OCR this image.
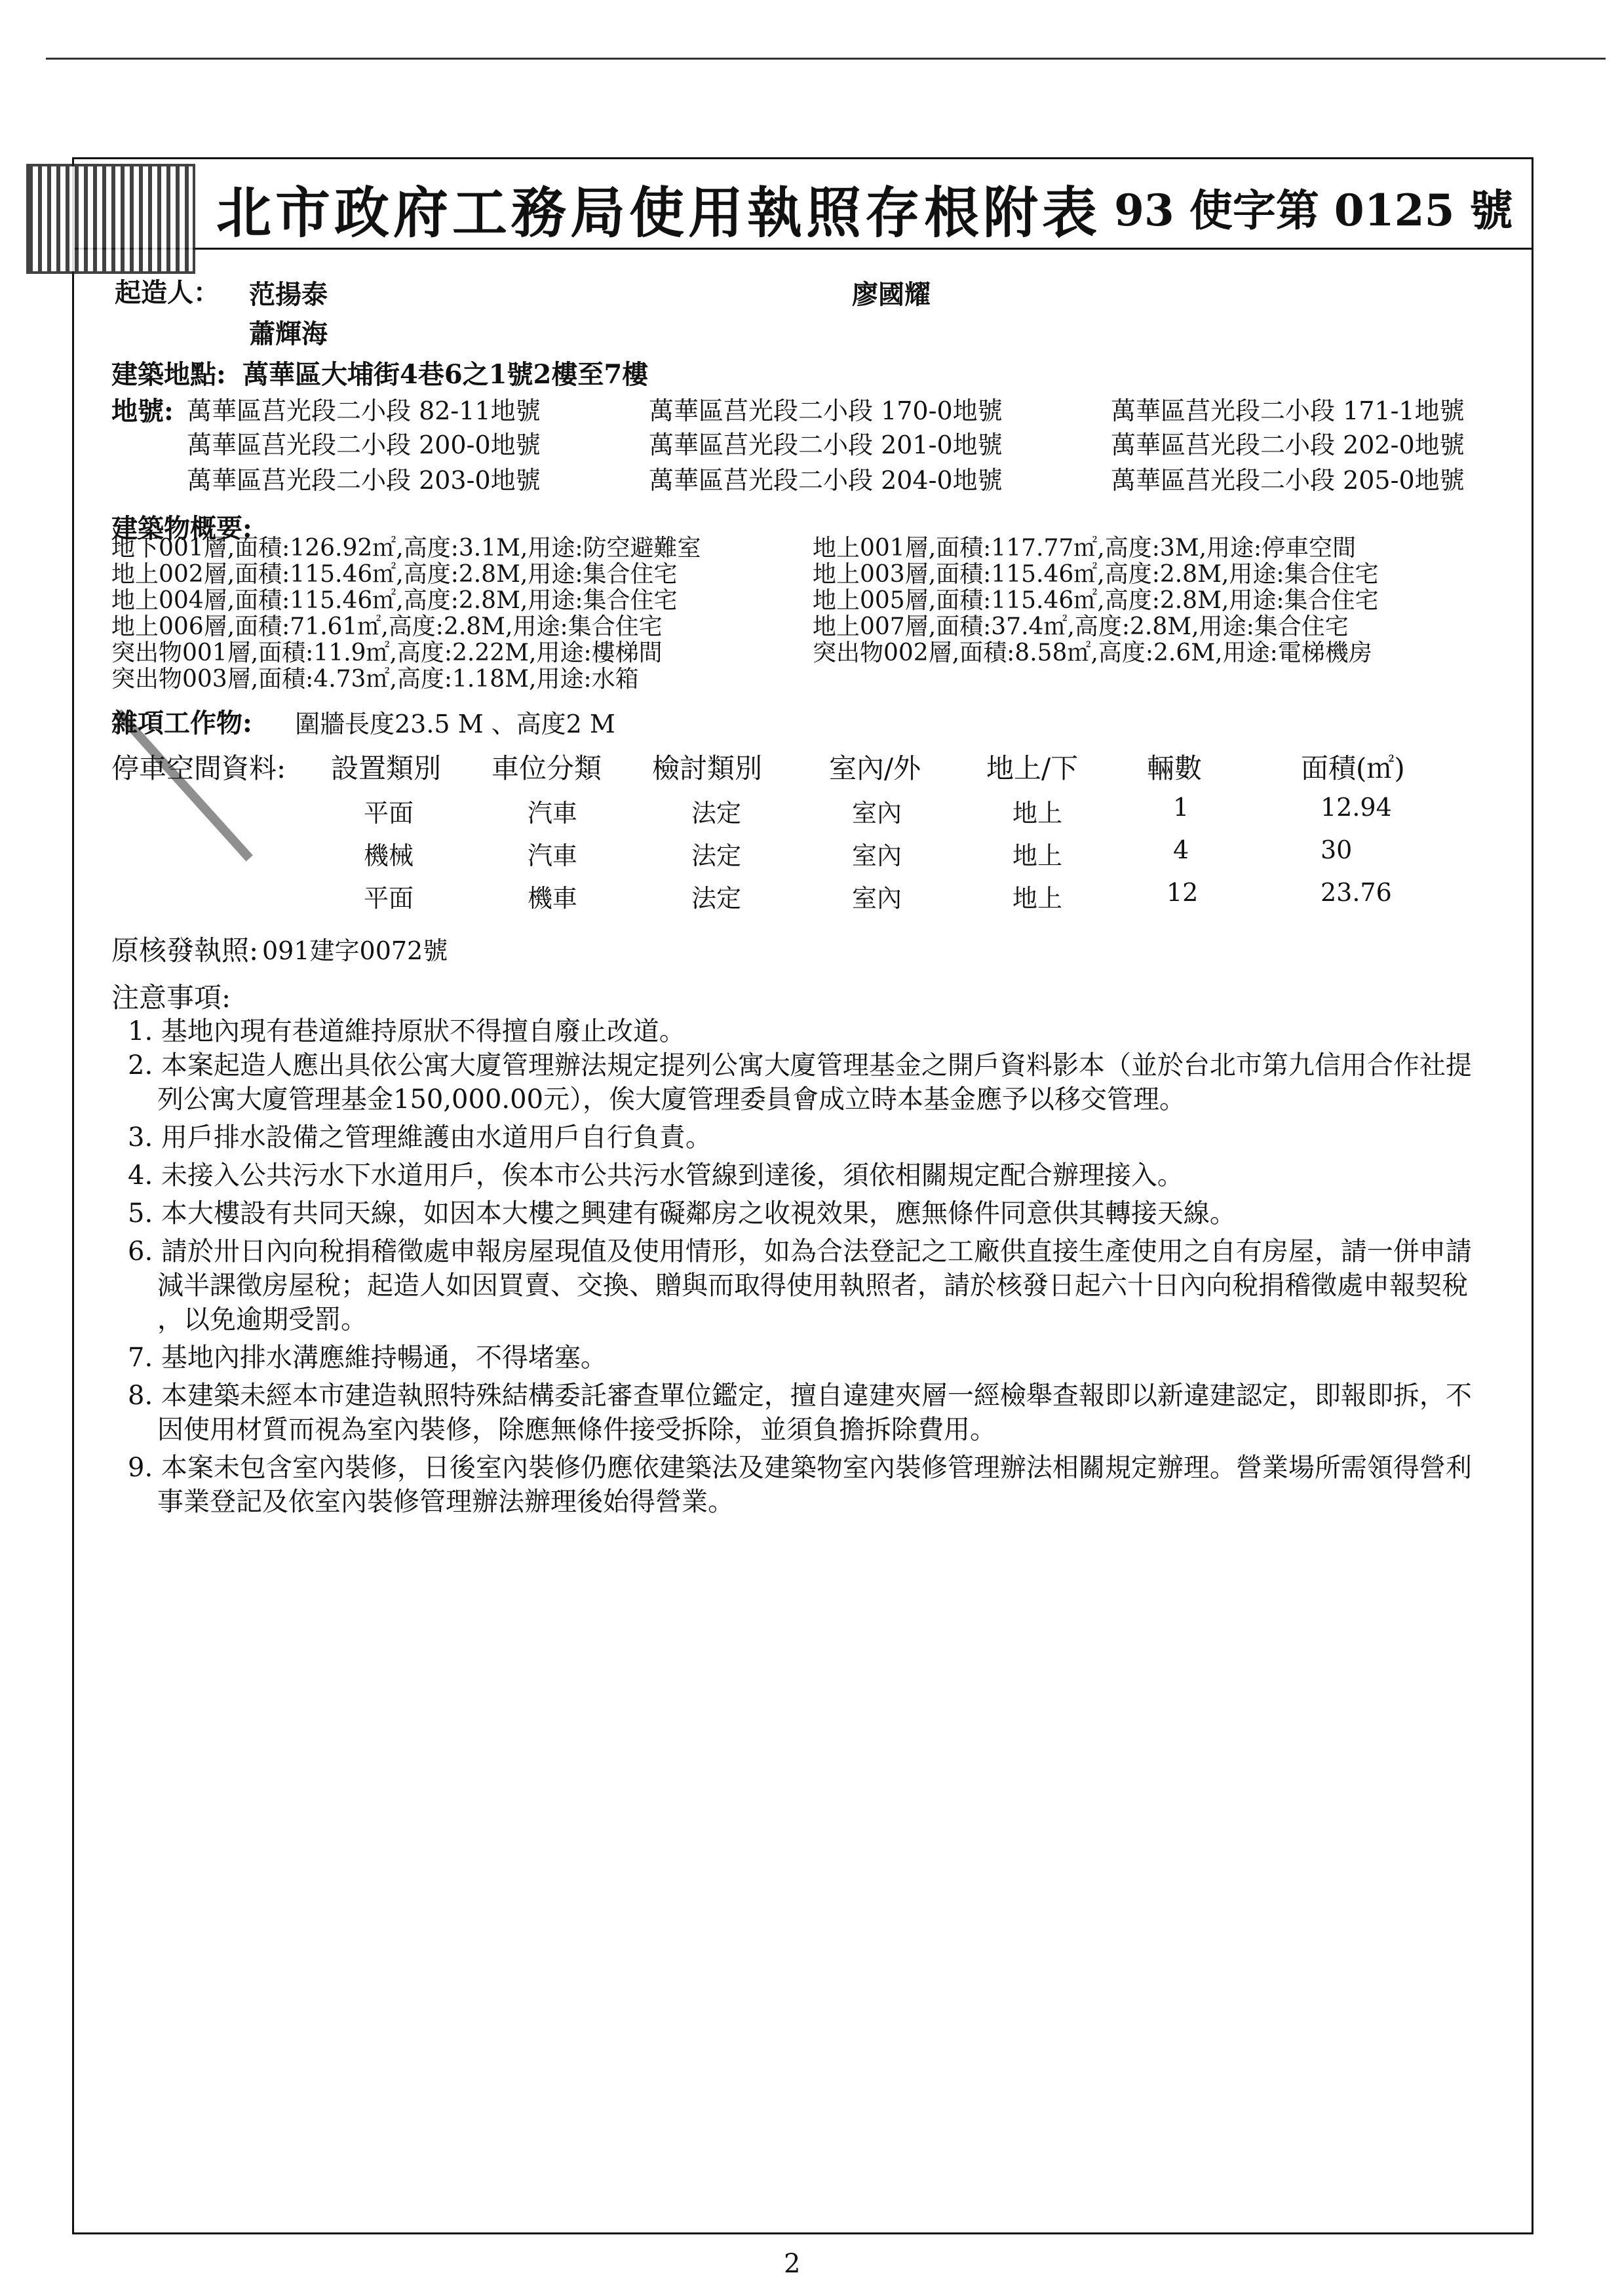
北市政府工務局使用執照存根附表 93 使字第 0125 號
起造人： 范揚泰	廖國耀
蕭輝海
建築地點: 萬華區大埔街4巷6之1號2樓至7樓
地號: 萬華區莒光段二小段 82-11地號	萬華區莒光段二小段 170-0地號	萬華區莒光段二小段 171-1地號
萬華區莒光段二小段 200-0地號	萬華區莒光段二小段 201-0地號	萬華區莒光段二小段 202-0地號
萬華區莒光段二小段 203-0地號	萬華區莒光段二小段 204-0地號	萬華區莒光段二小段 205-0地號
建築物概要:
地下001層,面積:126.92㎡,高度:3.1M,用途:防空避難室	地上001層,面積:117.77㎡,高度:3M,用途:停車空間
地上002層,面積:115.46㎡,高度:2.8M,用途:集合住宅	地上003層,面積:115.46㎡,高度:2.8M,用途:集合住宅
地上004層,面積:115.46㎡,高度:2.8M,用途:集合住宅	地上005層,面積:115.46㎡,高度:2.8M,用途:集合住宅
地上006層,面積:71.61㎡,高度:2.8M,用途:集合住宅	地上007層,面積:37.4㎡,高度:2.8M,用途:集合住宅
突出物001層,面積:11.9㎡,高度:2.22M,用途:樓梯間	突出物002層,面積:8.58㎡,高度:2.6M,用途:電梯機房
突出物003層,面積:4.73㎡,高度:1.18M,用途:水箱
雜項工作物: 圍牆長度23.5 M 、高度2 M
停車空間資料: 設置類別 車位分類 檢討類別 室內/外 地上/下 輛數	面積(㎡)
平面	汽車	法定	室內	地上	1	12.94
機械	汽車	法定	室內	地上	4	30
平面	機車	法定	室內	地上	12	23.76
原核發執照: 091建字0072號
注意事項:
1. 基地內現有巷道維持原狀不得擅自廢止改道。
2. 本案起造人應出具依公寓大廈管理辦法規定提列公寓大廈管理基金之開戶資料影本（並於台北市第九信用合作社提
列公寓大廈管理基金150,000.00元），俟大廈管理委員會成立時本基金應予以移交管理。
3. 用戶排水設備之管理維護由水道用戶自行負責。
4. 未接入公共污水下水道用戶，俟本市公共污水管線到達後，須依相關規定配合辦理接入。
5. 本大樓設有共同天線，如因本大樓之興建有礙鄰房之收視效果，應無條件同意供其轉接天線。
6. 請於卅日內向稅捐稽徵處申報房屋現值及使用情形，如為合法登記之工廠供直接生產使用之自有房屋，請一併申請
減半課徵房屋稅；起造人如因買賣、交換、贈與而取得使用執照者，請於核發日起六十日內向稅捐稽徵處申報契稅
，以免逾期受罰。
7. 基地內排水溝應維持暢通，不得堵塞。
8. 本建築未經本市建造執照特殊結構委託審查單位鑑定，擅自違建夾層一經檢舉查報即以新違建認定，即報即拆，不
因使用材質而視為室內裝修，除應無條件接受拆除，並須負擔拆除費用。
9. 本案未包含室內裝修，日後室內裝修仍應依建築法及建築物室內裝修管理辦法相關規定辦理。營業場所需領得營利
事業登記及依室內裝修管理辦法辦理後始得營業。
2
